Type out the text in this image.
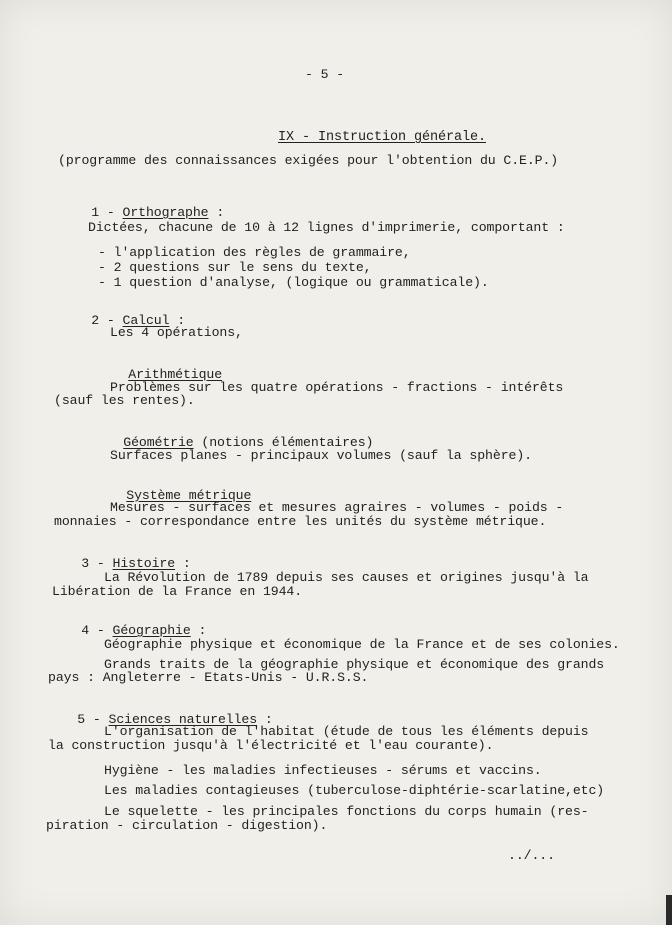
- 5 -

IX - Instruction générale.

(programme des connaissances exigées pour l'obtention du C.E.P.)

1 - Orthographe :

Dictées, chacune de 10 à 12 lignes d'imprimerie, comportant :
- l'application des règles de grammaire,
- 2 questions sur le sens du texte,
- 1 question d'analyse, (logique ou grammaticale).

2 - Calcul :

Les 4 opérations,

Arithmétique

Problèmes sur les quatre opérations - fractions - intérêts
(sauf les rentes).

Géométrie (notions élémentaires)

Surfaces planes - principaux volumes (sauf la sphère).

Système métrique

Mesures - surfaces et mesures agraires - volumes - poids -
monnaies - correspondance entre les unités du système métrique.

3 - Histoire :

La Révolution de 1789 depuis ses causes et origines jusqu'à la
Libération de la France en 1944.

4 - Géographie :

Géographie physique et économique de la France et de ses colonies.
Grands traits de la géographie physique et économique des grands
pays : Angleterre - Etats-Unis - U.R.S.S.

5 - Sciences naturelles :

L'organisation de l'habitat (étude de tous les éléments depuis
la construction jusqu'à l'électricité et l'eau courante).
Hygiène - les maladies infectieuses - sérums et vaccins.
Les maladies contagieuses (tuberculose-diphtérie-scarlatine,etc)
Le squelette - les principales fonctions du corps humain (res-
piration - circulation - digestion).
../...
